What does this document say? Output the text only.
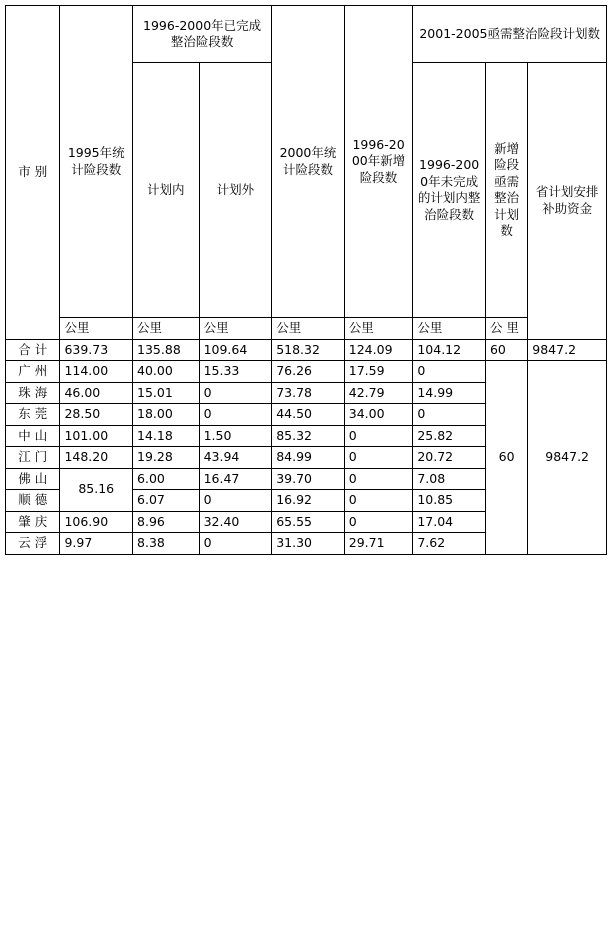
市 别	1995年统计险段数	1996-2000年已完成整治险段数		2000年统计险段数	1996-2000年新增险段数	2001-2005亟需整治险段计划数		
		计划内	计划外			1996-2000年未完成的计划内整治险段数	新增险段亟需整治计划数	省计划安排补助资金
	公里	公里	公里	公里	公里	公里	公 里	
合 计	639.73	135.88	109.64	518.32	124.09	104.12	60	9847.2
广 州	114.00	40.00	15.33	76.26	17.59	0	60	9847.2
珠 海	46.00	15.01	0	73.78	42.79	14.99		
东 莞	28.50	18.00	0	44.50	34.00	0		
中 山	101.00	14.18	1.50	85.32	0	25.82		
江 门	148.20	19.28	43.94	84.99	0	20.72		
佛 山	85.16	6.00	16.47	39.70	0	7.08		
顺 德		6.07	0	16.92	0	10.85		
肇 庆	106.90	8.96	32.40	65.55	0	17.04		
云 浮	9.97	8.38	0	31.30	29.71	7.62		
